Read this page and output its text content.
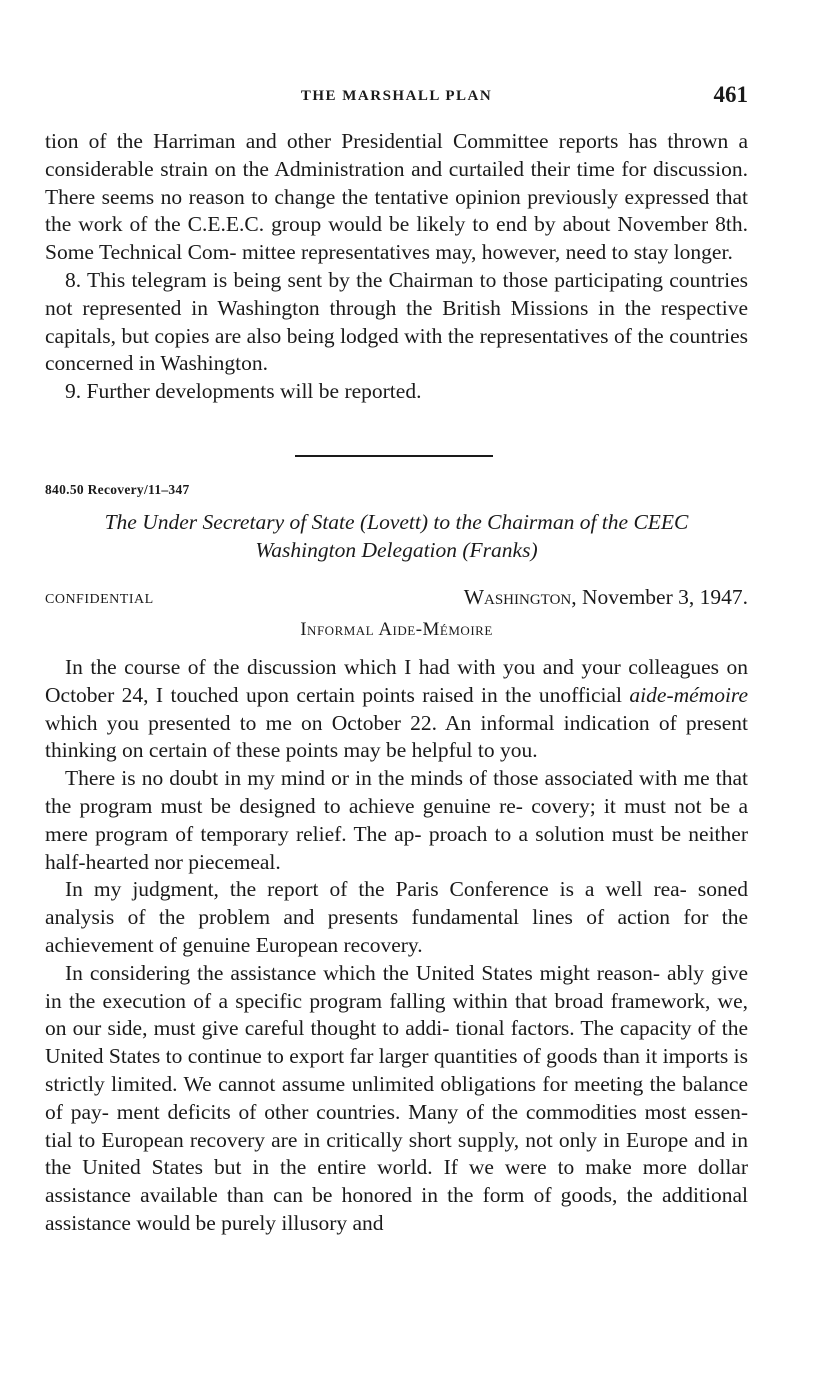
THE MARSHALL PLAN	461

tion of the Harriman and other Presidential Committee reports has thrown a considerable strain on the Administration and curtailed their time for discussion. There seems no reason to change the tentative opinion previously expressed that the work of the C.E.E.C. group would be likely to end by about November 8th. Some Technical Com- mittee representatives may, however, need to stay longer.

8. This telegram is being sent by the Chairman to those participating countries not represented in Washington through the British Missions in the respective capitals, but copies are also being lodged with the representatives of the countries concerned in Washington.

9. Further developments will be reported.

840.50 Recovery/11–347
The Under Secretary of State (Lovett) to the Chairman of the CEEC
Washington Delegation (Franks)
CONFIDENTIAL	Washington, November 3, 1947.
Informal Aide-Mémoire

In the course of the discussion which I had with you and your colleagues on October 24, I touched upon certain points raised in the unofficial aide-mémoire which you presented to me on October 22. An informal indication of present thinking on certain of these points may be helpful to you.

There is no doubt in my mind or in the minds of those associated with me that the program must be designed to achieve genuine re- covery; it must not be a mere program of temporary relief. The ap- proach to a solution must be neither half-hearted nor piecemeal.

In my judgment, the report of the Paris Conference is a well rea- soned analysis of the problem and presents fundamental lines of action for the achievement of genuine European recovery.

In considering the assistance which the United States might reason- ably give in the execution of a specific program falling within that broad framework, we, on our side, must give careful thought to addi- tional factors. The capacity of the United States to continue to export far larger quantities of goods than it imports is strictly limited. We cannot assume unlimited obligations for meeting the balance of pay- ment deficits of other countries. Many of the commodities most essen- tial to European recovery are in critically short supply, not only in Europe and in the United States but in the entire world. If we were to make more dollar assistance available than can be honored in the form of goods, the additional assistance would be purely illusory and
